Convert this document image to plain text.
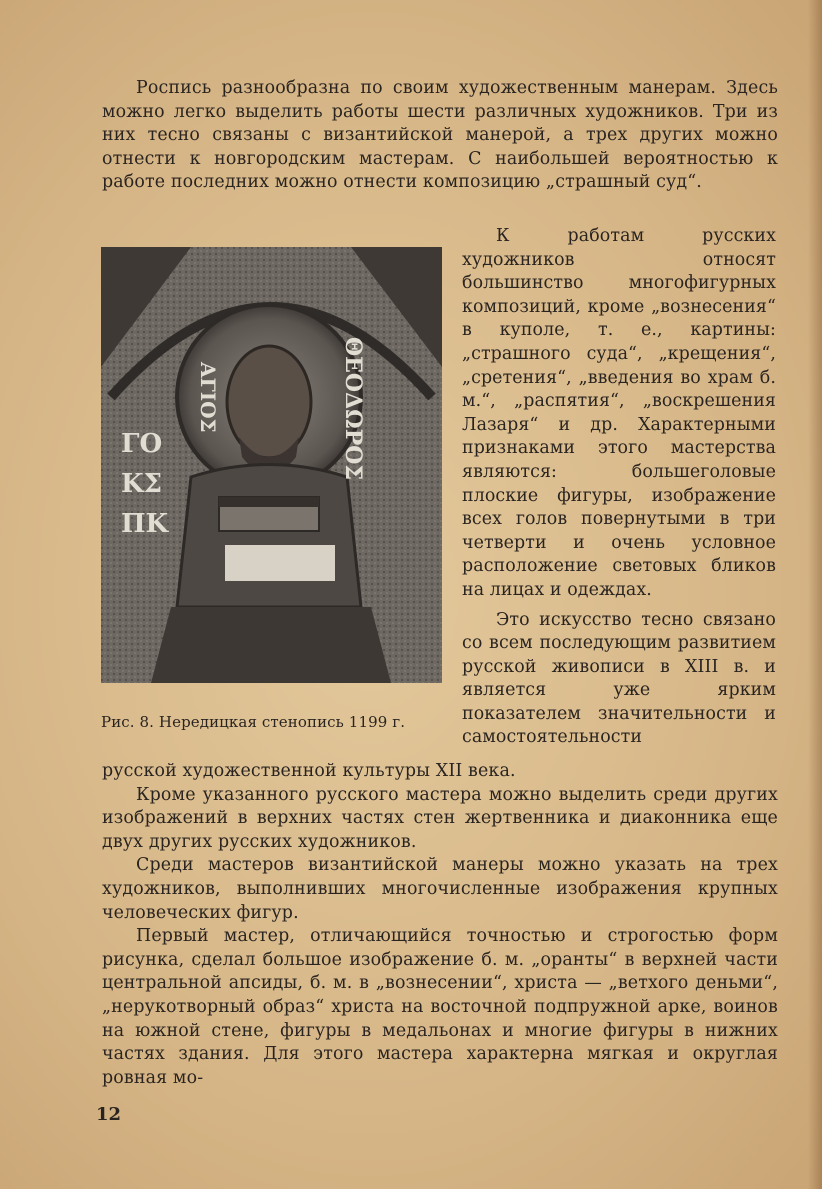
Роспись разнообразна по своим художественным манерам. Здесь можно легко выделить работы шести различных художников. Три из них тесно связаны с византийской манерой, а трех других можно отнести к новгородским мастерам. С наибольшей вероятностью к работе последних можно отнести композицию „страшный суд“.

ΓΟ
ΚΣ
ΠΚ
ΑΓΙΟΣ	ΘΕΟΔΩΡΟΣ
Рис. 8. Нередицкая стенопись 1199 г.

К работам русских художников относят большинство многофигурных композиций, кроме „вознесения“ в куполе, т. е., картины: „страшного суда“, „крещения“, „сретения“, „введения во храм б. м.“, „распятия“, „воскрешения Лазаря“ и др. Характерными признаками этого мастерства являются: большеголовые плоские фигуры, изображение всех голов повернутыми в три четверти и очень условное расположение световых бликов на лицах и одеждах.

Это искусство тесно связано со всем последующим развитием русской живописи в XIII в. и является уже ярким показателем значительности и самостоятельности

русской художественной культуры XII века.

Кроме указанного русского мастера можно выделить среди других изображений в верхних частях стен жертвенника и диаконника еще двух других русских художников.

Среди мастеров византийской манеры можно указать на трех художников, выполнивших многочисленные изображения крупных человеческих фигур.

Первый мастер, отличающийся точностью и строгостью форм рисунка, сделал большое изображение б. м. „оранты“ в верхней части центральной апсиды, б. м. в „вознесении“, христа — „ветхого деньми“, „нерукотворный образ“ христа на восточной подпружной арке, воинов на южной стене, фигуры в медальонах и многие фигуры в нижних частях здания. Для этого мастера характерна мягкая и округлая ровная мо-

12
